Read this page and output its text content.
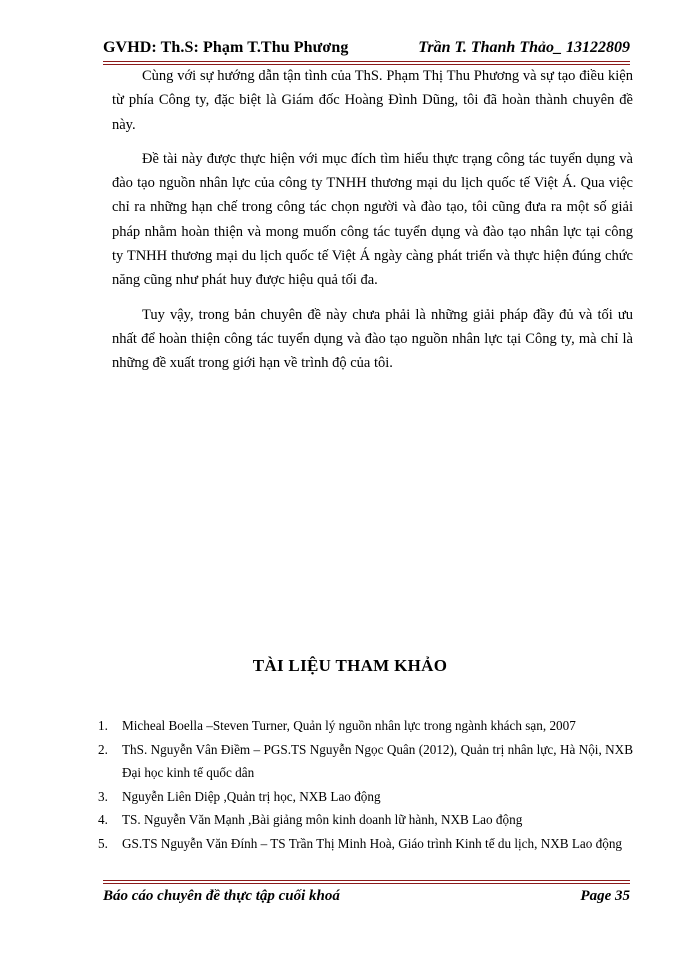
GVHD: Th.S: Phạm T.Thu Phương	Trần T. Thanh Thảo_ 13122809

Cùng với sự hướng dẫn tận tình của ThS. Phạm Thị Thu Phương và sự tạo điều kiện từ phía Công ty, đặc biệt là Giám đốc Hoàng Đình Dũng, tôi đã hoàn thành chuyên đề này.

Đề tài này được thực hiện với mục đích tìm hiểu thực trạng công tác tuyển dụng và đào tạo nguồn nhân lực của công ty TNHH thương mại du lịch quốc tế Việt Á. Qua việc chỉ ra những hạn chế trong công tác chọn người và đào tạo, tôi cũng đưa ra một số giải pháp nhằm hoàn thiện và mong muốn công tác tuyển dụng và đào tạo nhân lực tại công ty TNHH thương mại du lịch quốc tế Việt Á ngày càng phát triển và thực hiện đúng chức năng cũng như phát huy được hiệu quả tối đa.

Tuy vậy, trong bản chuyên đề này chưa phải là những giải pháp đầy đủ và tối ưu nhất để hoàn thiện công tác tuyển dụng và đào tạo nguồn nhân lực tại Công ty, mà chỉ là những đề xuất trong giới hạn về trình độ của tôi.

TÀI LIỆU THAM KHẢO
1. Micheal Boella –Steven Turner, Quản lý nguồn nhân lực trong ngành khách sạn, 2007
2. ThS. Nguyễn Vân Điềm – PGS.TS Nguyễn Ngọc Quân (2012), Quản trị nhân lực, Hà Nội, NXB Đại học kinh tế quốc dân
3. Nguyễn Liên Diệp ,Quản trị học, NXB Lao động
4. TS. Nguyễn Văn Mạnh ,Bài giảng môn kinh doanh lữ hành, NXB Lao động
5. GS.TS Nguyễn Văn Đính – TS Trần Thị Minh Hoà, Giáo trình Kinh tế du lịch, NXB Lao động
Báo cáo chuyên đề thực tập cuối khoá	Page 35
